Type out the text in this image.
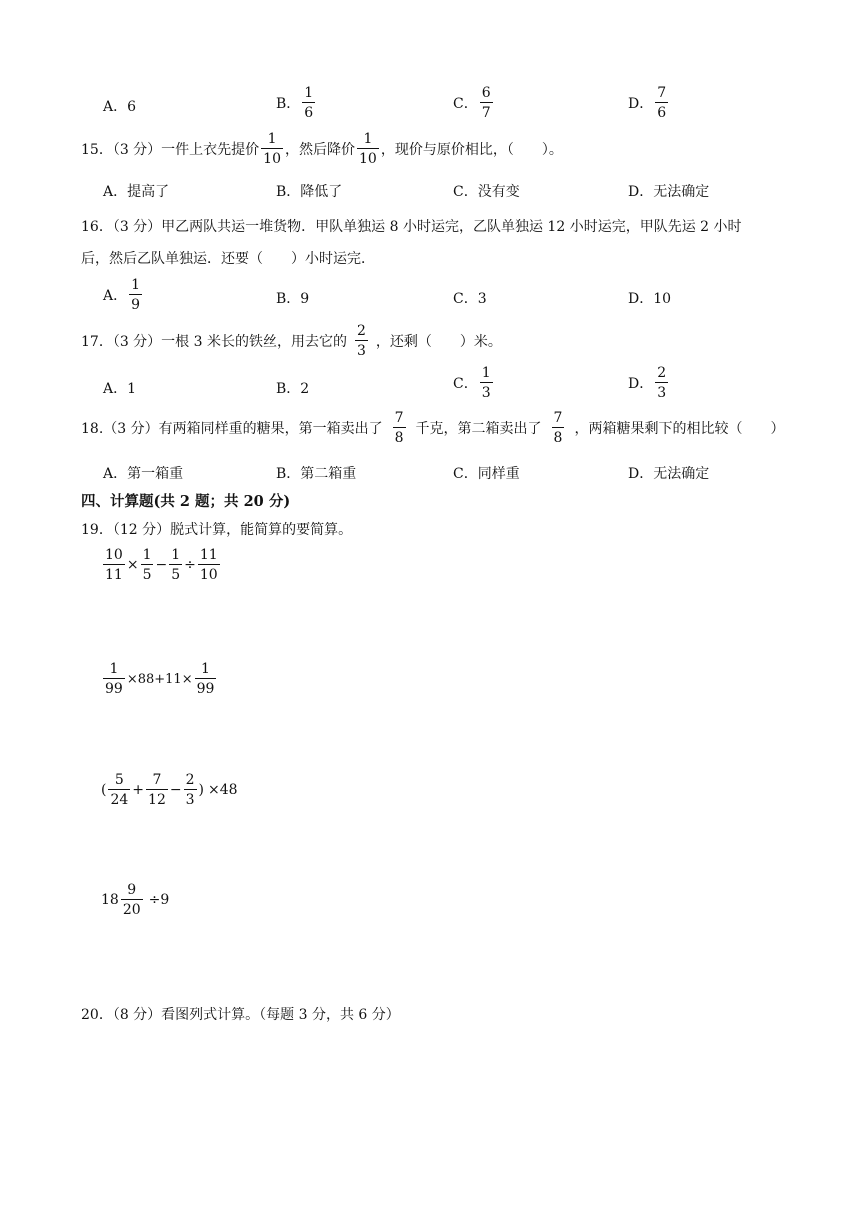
A．6	B． $\frac{1}{6}$	C． $\frac{6}{7}$	D． $\frac{7}{6}$
15．（3 分）一件上衣先提价 $\frac{1}{10}$ ，然后降价 $\frac{1}{10}$ ，现价与原价相比，（　　）。
A．提高了	B．降低了	C．没有变	D．无法确定
16．（3 分）甲乙两队共运一堆货物．甲队单独运 8 小时运完，乙队单独运 12 小时运完，甲队先运 2 小时
后，然后乙队单独运．还要（　　）小时运完．
A． $\frac{1}{9}$	B．9	C．3	D．10
17．（3 分）一根 3 米长的铁丝，用去它的 $\frac{2}{3}$ ，还剩（　　）米。
A．1	B．2	C． $\frac{1}{3}$	D． $\frac{2}{3}$
18.（3 分）有两箱同样重的糖果，第一箱卖出了 $\frac{7}{8}$ 千克，第二箱卖出了 $\frac{7}{8}$ ，两箱糖果剩下的相比较（　　）
A．第一箱重	B．第二箱重	C．同样重	D．无法确定
四、计算题(共 2 题；共 20 分)
19．（12 分）脱式计算，能简算的要简算。
$\frac{10}{11} \times \frac{1}{5} - \frac{1}{5} \div \frac{11}{10}$
$\frac{1}{99} \times 88+11\times \frac{1}{99}$
( $\frac{5}{24} + \frac{7}{12} - \frac{2}{3}$ ) ×48
$18 \frac{9}{20} \div 9$
20．（8 分）看图列式计算。（每题 3 分，共 6 分）
